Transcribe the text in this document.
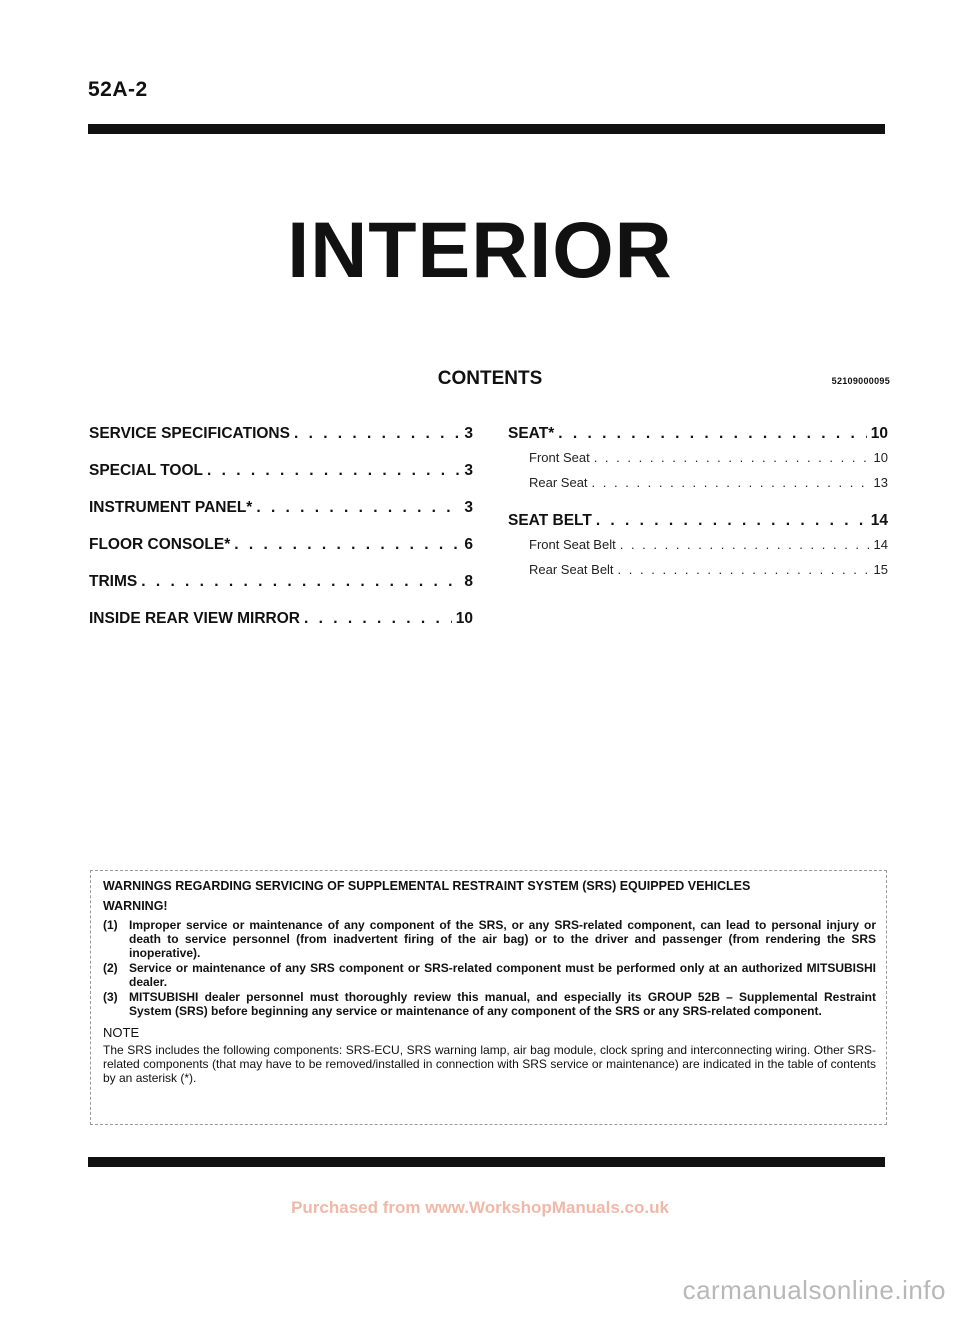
52A-2
INTERIOR
CONTENTS	52109000095
SERVICE SPECIFICATIONS . . .	3
SPECIAL TOOL . . .	3
INSTRUMENT PANEL* . . .	3
FLOOR CONSOLE* . . .	6
TRIMS . . .	8
INSIDE REAR VIEW MIRROR . . .	10
SEAT* . . .	10
Front Seat . . .	10
Rear Seat . . .	13
SEAT BELT . . .	14
Front Seat Belt . . .	14
Rear Seat Belt . . .	15
WARNINGS REGARDING SERVICING OF SUPPLEMENTAL RESTRAINT SYSTEM (SRS) EQUIPPED VEHICLES
WARNING!
(1) Improper service or maintenance of any component of the SRS, or any SRS-related component, can lead to personal injury or death to service personnel (from inadvertent firing of the air bag) or to the driver and passenger (from rendering the SRS inoperative).
(2) Service or maintenance of any SRS component or SRS-related component must be performed only at an authorized MITSUBISHI dealer.
(3) MITSUBISHI dealer personnel must thoroughly review this manual, and especially its GROUP 52B – Supplemental Restraint System (SRS) before beginning any service or maintenance of any component of the SRS or any SRS-related component.
NOTE
The SRS includes the following components: SRS-ECU, SRS warning lamp, air bag module, clock spring and interconnecting wiring. Other SRS-related components (that may have to be removed/installed in connection with SRS service or maintenance) are indicated in the table of contents by an asterisk (*).
Purchased from www.WorkshopManuals.co.uk
carmanualsonline.info
